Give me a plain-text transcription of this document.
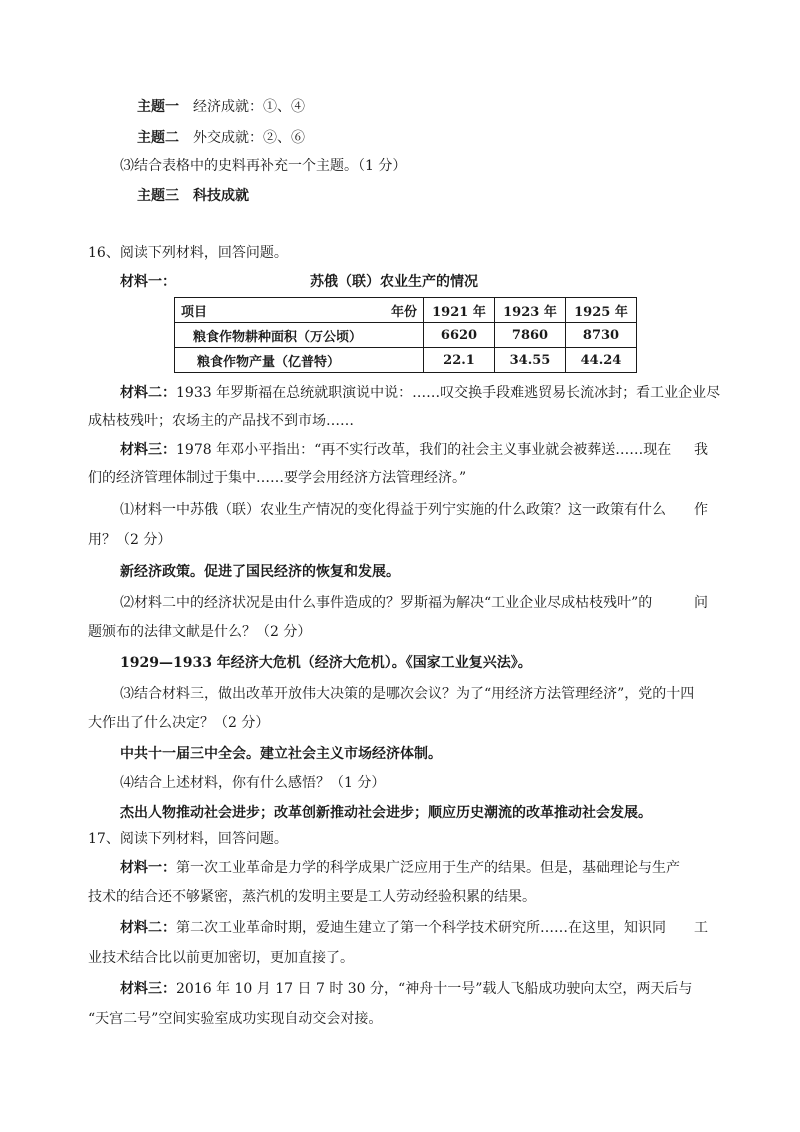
主题一 经济成就：①、④
主题二 外交成就：②、⑥
⑶结合表格中的史料再补充一个主题。（1 分）
主题三 科技成就
16、阅读下列材料，回答问题。
材料一：	苏俄（联）农业生产的情况
项目 年份	1921 年	1923 年	1925 年
粮食作物耕种面积（万公顷）	6620	7860	8730
粮食作物产量（亿普特）	22.1	34.55	44.24
材料二：1933 年罗斯福在总统就职演说中说：……叹交换手段难逃贸易长流冰封；看工业企业尽
成枯枝残叶；农场主的产品找不到市场……
材料三：1978 年邓小平指出：“再不实行改革，我们的社会主义事业就会被葬送……现在 我
们的经济管理体制过于集中……要学会用经济方法管理经济。”
⑴材料一中苏俄（联）农业生产情况的变化得益于列宁实施的什么政策？这一政策有什么 作
用？（2 分）
新经济政策。促进了国民经济的恢复和发展。
⑵材料二中的经济状况是由什么事件造成的？罗斯福为解决“工业企业尽成枯枝残叶”的	问
题颁布的法律文献是什么？（2 分）
1929—1933 年经济大危机（经济大危机）。《国家工业复兴法》。
⑶结合材料三，做出改革开放伟大决策的是哪次会议？为了“用经济方法管理经济”，党的十四
大作出了什么决定？（2 分）
中共十一届三中全会。建立社会主义市场经济体制。
⑷结合上述材料，你有什么感悟？（1 分）
杰出人物推动社会进步；改革创新推动社会进步；顺应历史潮流的改革推动社会发展。
17、阅读下列材料，回答问题。
材料一：第一次工业革命是力学的科学成果广泛应用于生产的结果。但是，基础理论与生产
技术的结合还不够紧密，蒸汽机的发明主要是工人劳动经验积累的结果。
材料二：第二次工业革命时期，爱迪生建立了第一个科学技术研究所……在这里，知识同 工
业技术结合比以前更加密切，更加直接了。
材料三：2016 年 10 月 17 日 7 时 30 分，“神舟十一号”载人飞船成功驶向太空，两天后与
“天宫二号”空间实验室成功实现自动交会对接。
